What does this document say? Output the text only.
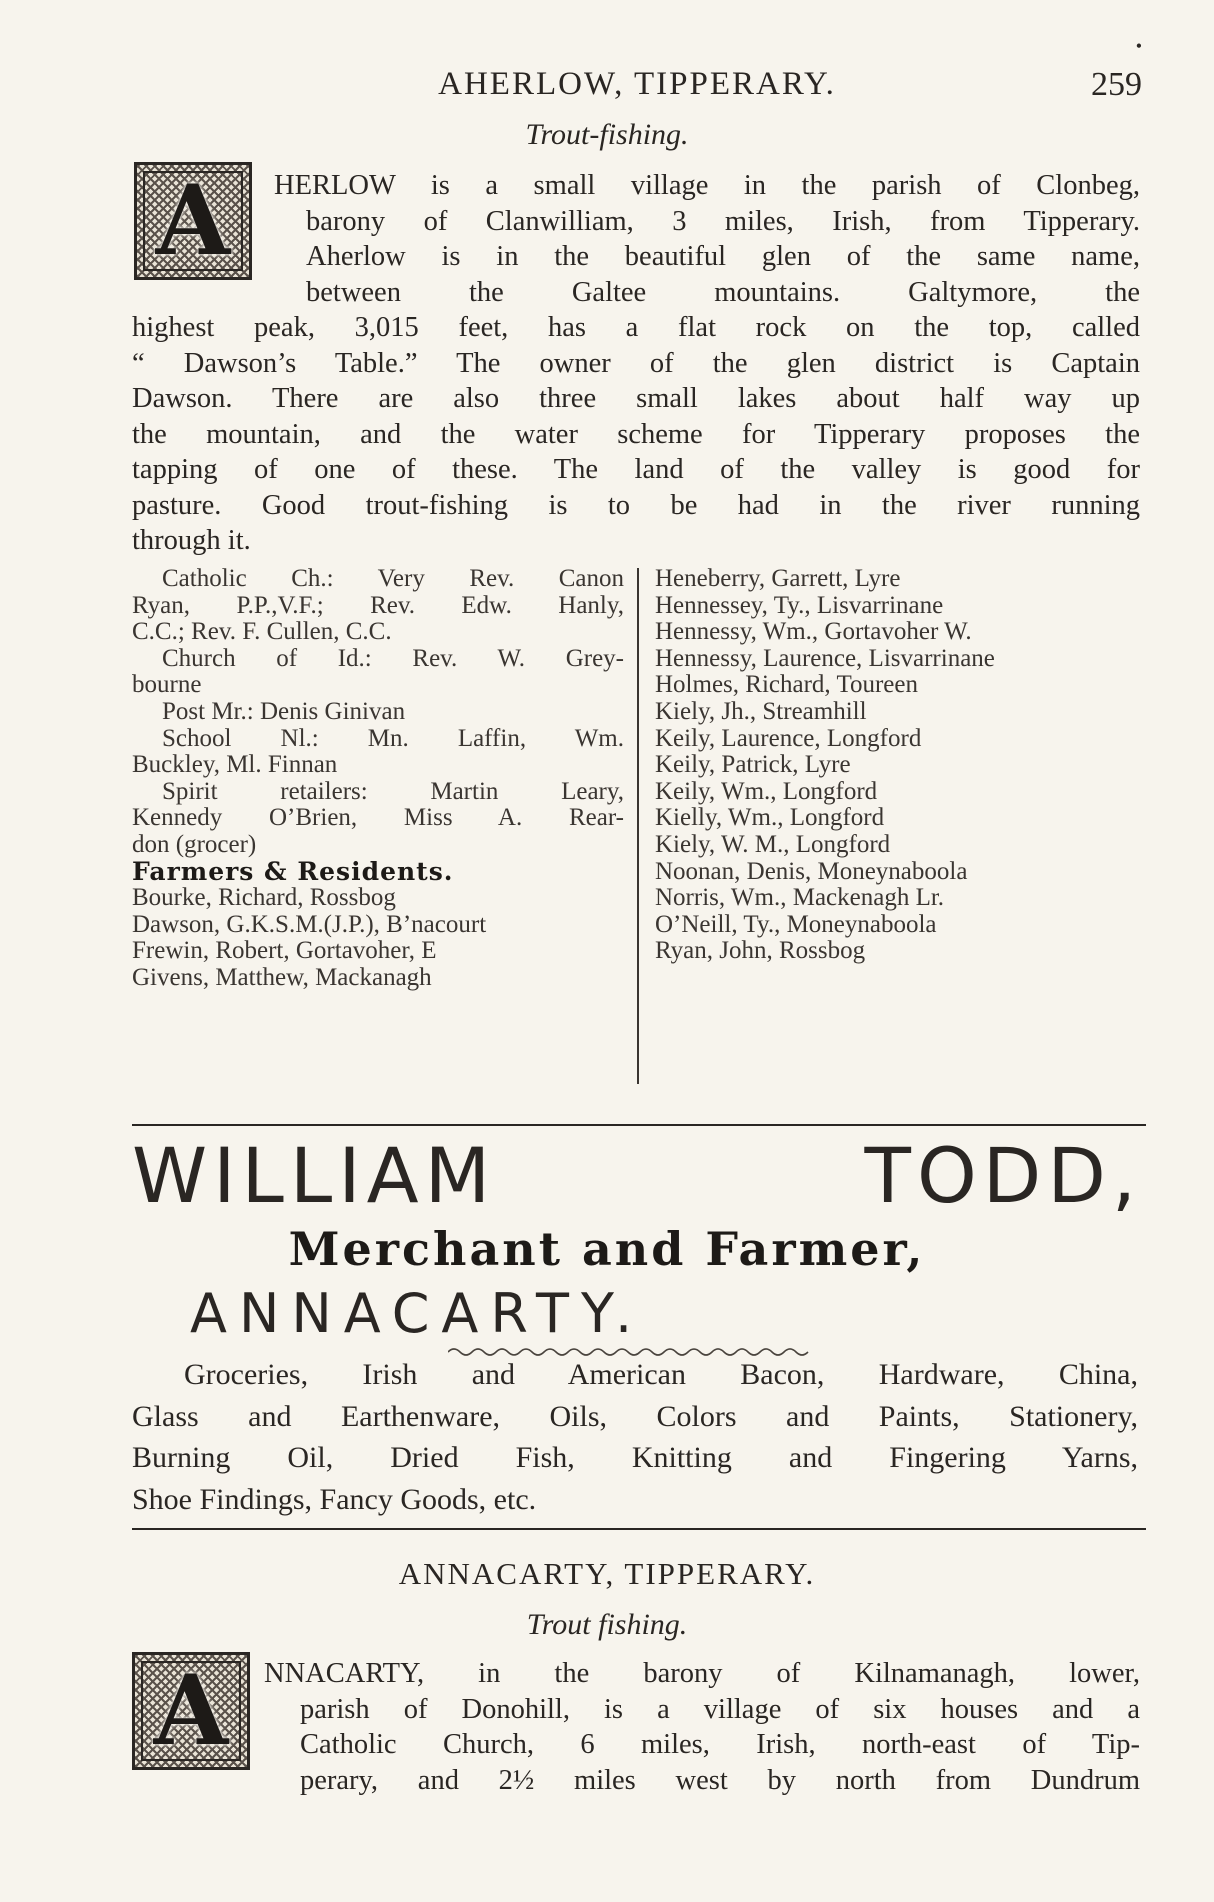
AHERLOW, TIPPERARY.	259
•
Trout-fishing.
A HERLOW is a small village in the parish of Clonbeg,
barony of Clanwilliam, 3 miles, Irish, from Tipperary.
Aherlow is in the beautiful glen of the same name,
between the Galtee mountains. Galtymore, the
highest peak, 3,015 feet, has a flat rock on the top, called
“ Dawson’s Table.” The owner of the glen district is Captain
Dawson. There are also three small lakes about half way up
the mountain, and the water scheme for Tipperary proposes the
tapping of one of these. The land of the valley is good for
pasture. Good trout-fishing is to be had in the river running
through it.
Catholic Ch.: Very Rev. Canon
Ryan, P.P.,V.F.; Rev. Edw. Hanly,
C.C.; Rev. F. Cullen, C.C.
Church of Id.: Rev. W. Grey-
bourne
Post Mr.: Denis Ginivan
School Nl.: Mn. Laffin, Wm.
Buckley, Ml. Finnan
Spirit retailers: Martin Leary,
Kennedy O’Brien, Miss A. Rear-
don (grocer)
Farmers & Residents.
Bourke, Richard, Rossbog
Dawson, G.K.S.M.(J.P.), B’nacourt
Frewin, Robert, Gortavoher, E
Givens, Matthew, Mackanagh
Heneberry, Garrett, Lyre
Hennessey, Ty., Lisvarrinane
Hennessy, Wm., Gortavoher W.
Hennessy, Laurence, Lisvarrinane
Holmes, Richard, Toureen
Kiely, Jh., Streamhill
Keily, Laurence, Longford
Keily, Patrick, Lyre
Keily, Wm., Longford
Kielly, Wm., Longford
Kiely, W. M., Longford
Noonan, Denis, Moneynaboola
Norris, Wm., Mackenagh Lr.
O’Neill, Ty., Moneynaboola
Ryan, John, Rossbog
WILLIAM TODD,
Merchant and Farmer,
ANNACARTY.
Groceries, Irish and American Bacon, Hardware, China,
Glass and Earthenware, Oils, Colors and Paints, Stationery,
Burning Oil, Dried Fish, Knitting and Fingering Yarns,
Shoe Findings, Fancy Goods, etc.
ANNACARTY, TIPPERARY.
Trout fishing.
A NNACARTY, in the barony of Kilnamanagh, lower,
parish of Donohill, is a village of six houses and a
Catholic Church, 6 miles, Irish, north-east of Tip-
perary, and 2½ miles west by north from Dundrum
